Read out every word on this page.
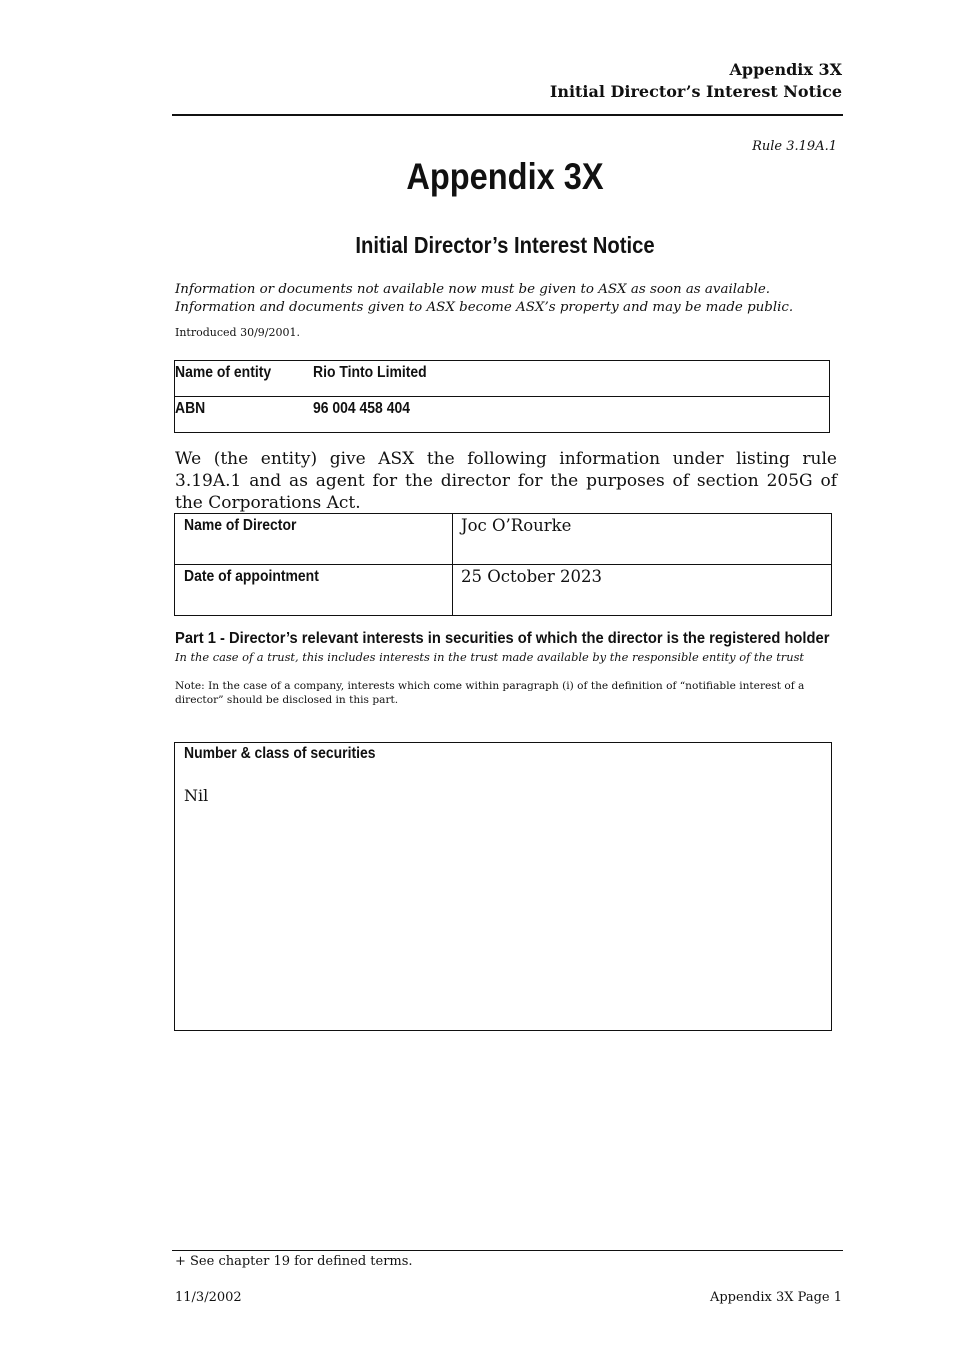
Appendix 3X
Initial Director’s Interest Notice
Rule 3.19A.1
Appendix 3X
Initial Director’s Interest Notice
Information or documents not available now must be given to ASX as soon as available. Information and documents given to ASX become ASX’s property and may be made public.
Introduced 30/9/2001.
Name of entity	Rio Tinto Limited
ABN	96 004 458 404
We (the entity) give ASX the following information under listing rule 3.19A.1 and as agent for the director for the purposes of section 205G of the Corporations Act.
Name of Director	Joc O’Rourke
Date of appointment	25 October 2023
Part 1 - Director’s relevant interests in securities of which the director is the registered holder
In the case of a trust, this includes interests in the trust made available by the responsible entity of the trust
Note: In the case of a company, interests which come within paragraph (i) of the definition of “notifiable interest of a director” should be disclosed in this part.
Number & class of securities
Nil
+ See chapter 19 for defined terms.
11/3/2002	Appendix 3X Page 1
